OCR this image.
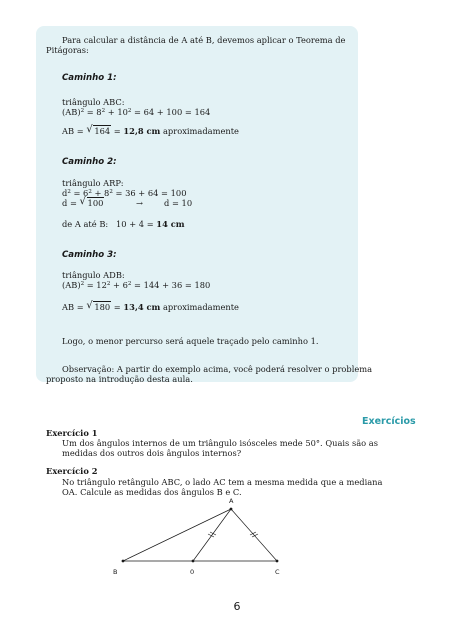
Para calcular a distância de A até B, devemos aplicar o Teorema de
Pitágoras:
Caminho 1:
triângulo ABC:
$(AB)^2 = 8^2 + 10^2 = 64 + 100 = 164$
AB = √ 164 = 12,8 cm aproximadamente
Caminho 2:
triângulo ARP:
$d^2 = 6^2 + 8^2 = 36 + 64 = 100$
d = √ 100	→	d = 10
de A até B: 10 + 4 = 14 cm
Caminho 3:
triângulo ADB:
$(AB)^2 = 12^2 + 6^2 = 144 + 36 = 180$
AB = √ 180 = 13,4 cm aproximadamente
Logo, o menor percurso será aquele traçado pelo caminho 1.
Observação: A partir do exemplo acima, você poderá resolver o problema
proposto na introdução desta aula.
Exercícios
Exercício 1
Um dos ângulos internos de um triângulo isósceles mede 50°. Quais são as
medidas dos outros dois ângulos internos?
Exercício 2
No triângulo retângulo ABC, o lado AC tem a mesma medida que a mediana
OA. Calcule as medidas dos ângulos B e C.
A
B	0	C
6
